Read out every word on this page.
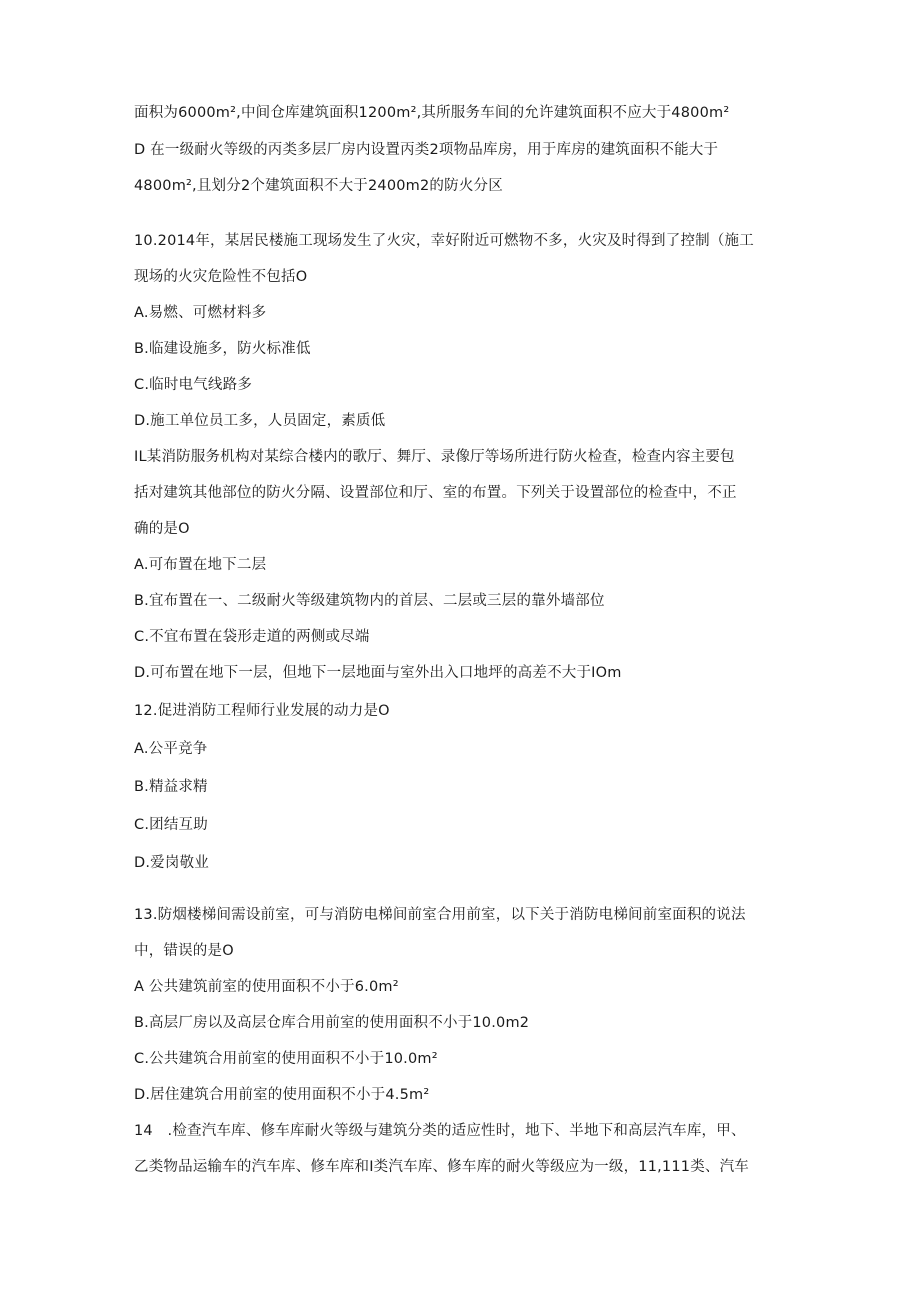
面积为6000m²,中间仓库建筑面积1200m²,其所服务车间的允许建筑面积不应大于4800m²
D 在一级耐火等级的丙类多层厂房内设置丙类2项物品库房，用于库房的建筑面积不能大于
4800m²,且划分2个建筑面积不大于2400m2的防火分区
10.2014年，某居民楼施工现场发生了火灾，幸好附近可燃物不多，火灾及时得到了控制（施工
现场的火灾危险性不包括O
A.易燃、可燃材料多
B.临建设施多，防火标准低
C.临时电气线路多
D.施工单位员工多，人员固定，素质低
IL某消防服务机构对某综合楼内的歌厅、舞厅、录像厅等场所进行防火检查，检查内容主要包
括对建筑其他部位的防火分隔、设置部位和厅、室的布置。下列关于设置部位的检查中，不正
确的是O
A.可布置在地下二层
B.宜布置在一、二级耐火等级建筑物内的首层、二层或三层的靠外墙部位
C.不宜布置在袋形走道的两侧或尽端
D.可布置在地下一层，但地下一层地面与室外出入口地坪的高差不大于IOm
12.促进消防工程师行业发展的动力是O
A.公平竞争
B.精益求精
C.团结互助
D.爱岗敬业
13.防烟楼梯间需设前室，可与消防电梯间前室合用前室，以下关于消防电梯间前室面积的说法
中，错误的是O
A 公共建筑前室的使用面积不小于6.0m²
B.高层厂房以及高层仓库合用前室的使用面积不小于10.0m2
C.公共建筑合用前室的使用面积不小于10.0m²
D.居住建筑合用前室的使用面积不小于4.5m²
14　.检查汽车库、修车库耐火等级与建筑分类的适应性时，地下、半地下和高层汽车库，甲、
乙类物品运输车的汽车库、修车库和I类汽车库、修车库的耐火等级应为一级，11,111类、汽车
